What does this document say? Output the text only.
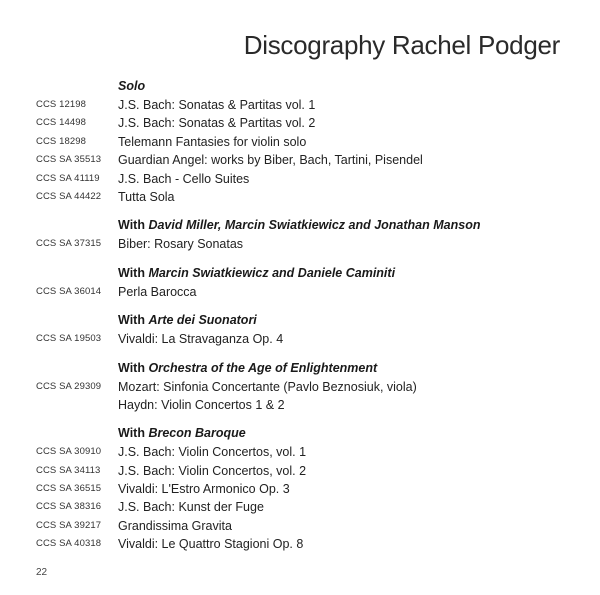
Discography Rachel Podger
Solo
CCS 12198	J.S. Bach: Sonatas & Partitas vol. 1
CCS 14498	J.S. Bach: Sonatas & Partitas vol. 2
CCS 18298	Telemann Fantasies for violin solo
CCS SA 35513 Guardian Angel: works by Biber, Bach, Tartini, Pisendel
CCS SA 41119 J.S. Bach - Cello Suites
CCS SA 44422 Tutta Sola
With David Miller, Marcin Swiatkiewicz and Jonathan Manson
CCS SA 37315 Biber: Rosary Sonatas
With Marcin Swiatkiewicz and Daniele Caminiti
CCS SA 36014 Perla Barocca
With Arte dei Suonatori
CCS SA 19503 Vivaldi: La Stravaganza Op. 4
With Orchestra of the Age of Enlightenment
CCS SA 29309 Mozart: Sinfonia Concertante (Pavlo Beznosiuk, viola)
Haydn: Violin Concertos 1 & 2
With Brecon Baroque
CCS SA 30910 J.S. Bach: Violin Concertos, vol. 1
CCS SA 34113 J.S. Bach: Violin Concertos, vol. 2
CCS SA 36515 Vivaldi: L'Estro Armonico Op. 3
CCS SA 38316 J.S. Bach: Kunst der Fuge
CCS SA 39217 Grandissima Gravita
CCS SA 40318 Vivaldi: Le Quattro Stagioni Op. 8
22
